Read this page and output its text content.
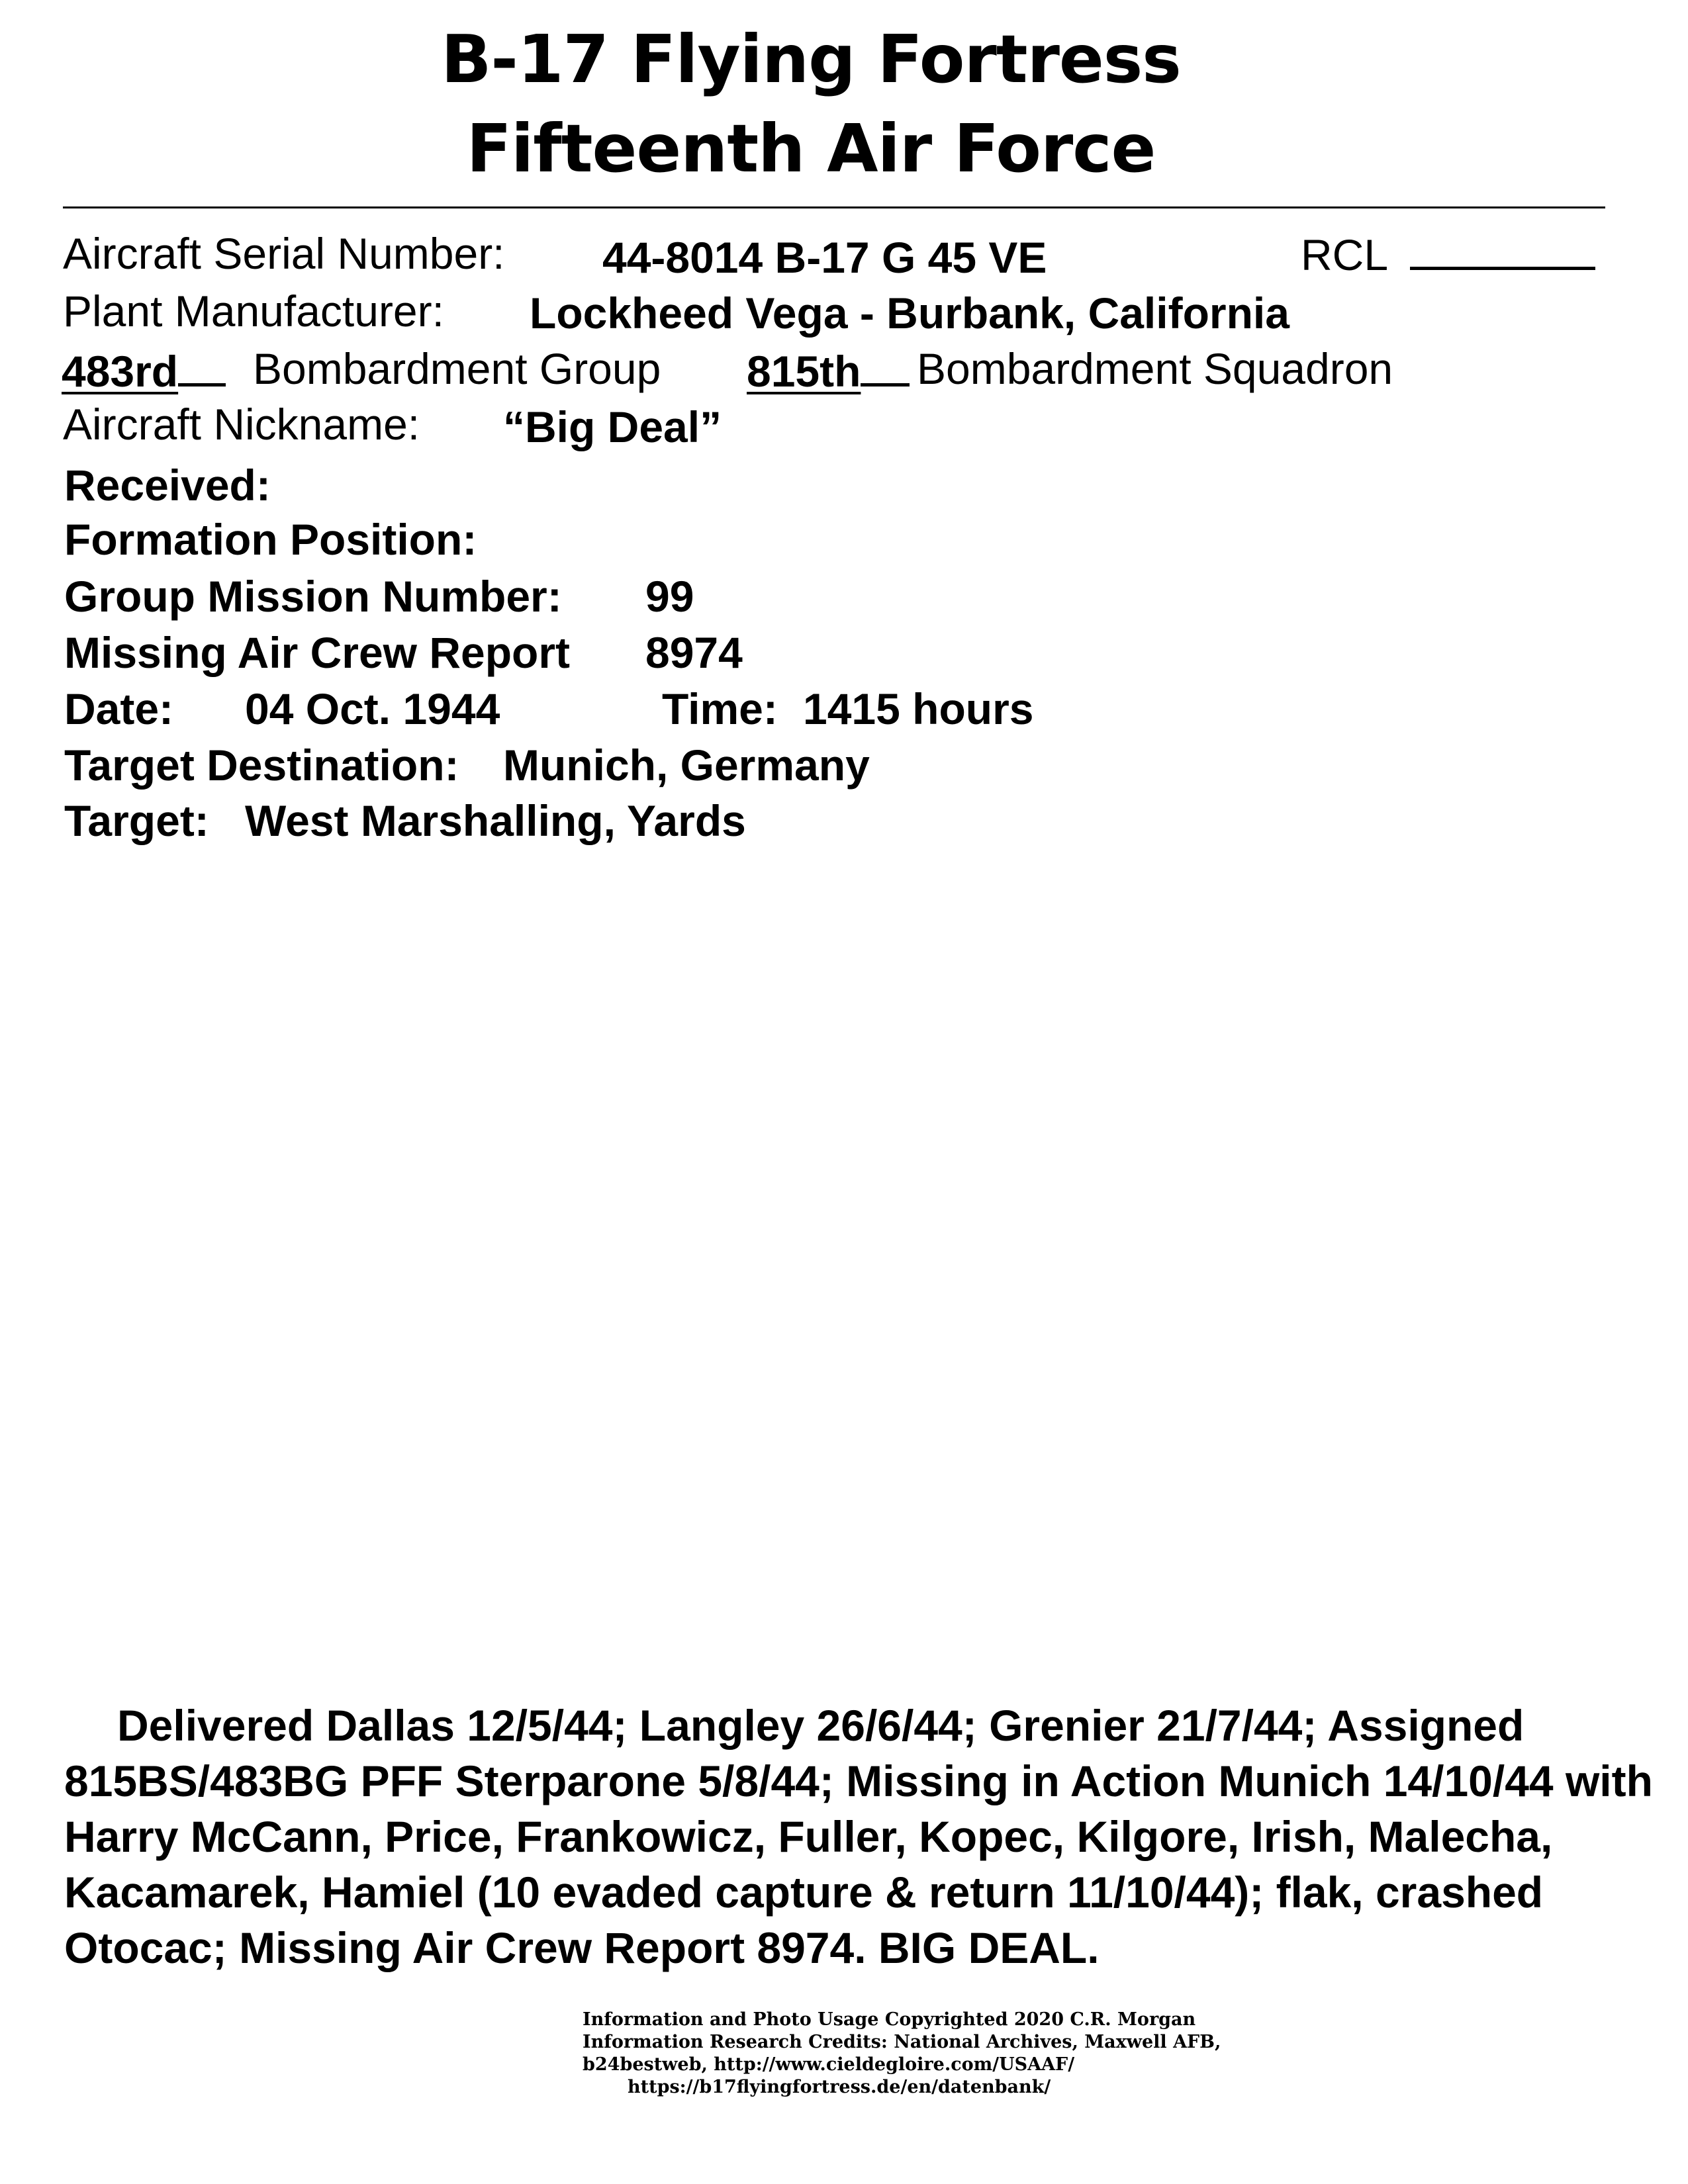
B-17 Flying Fortress
Fifteenth Air Force
Aircraft Serial Number: 44-8014 B-17 G 45 VE	RCL
Plant Manufacturer: Lockheed Vega - Burbank, California
483rd	Bombardment Group 815th	Bombardment Squadron
Aircraft Nickname: “Big Deal”
Received:
Formation Position:
Group Mission Number: 99
Missing Air Crew Report 8974
Date: 04 Oct. 1944	Time: 1415 hours
Target Destination: Munich, Germany
Target: West Marshalling, Yards
Delivered Dallas 12/5/44; Langley 26/6/44; Grenier 21/7/44; Assigned 815BS/483BG PFF Sterparone 5/8/44; Missing in Action Munich 14/10/44 with Harry McCann, Price, Frankowicz, Fuller, Kopec, Kilgore, Irish, Malecha, Kacamarek, Hamiel (10 evaded capture & return 11/10/44); flak, crashed Otocac; Missing Air Crew Report 8974. BIG DEAL.
Information and Photo Usage Copyrighted 2020 C.R. Morgan
Information Research Credits: National Archives, Maxwell AFB,
b24bestweb, http://www.cieldegloire.com/USAAF/
https://b17flyingfortress.de/en/datenbank/
